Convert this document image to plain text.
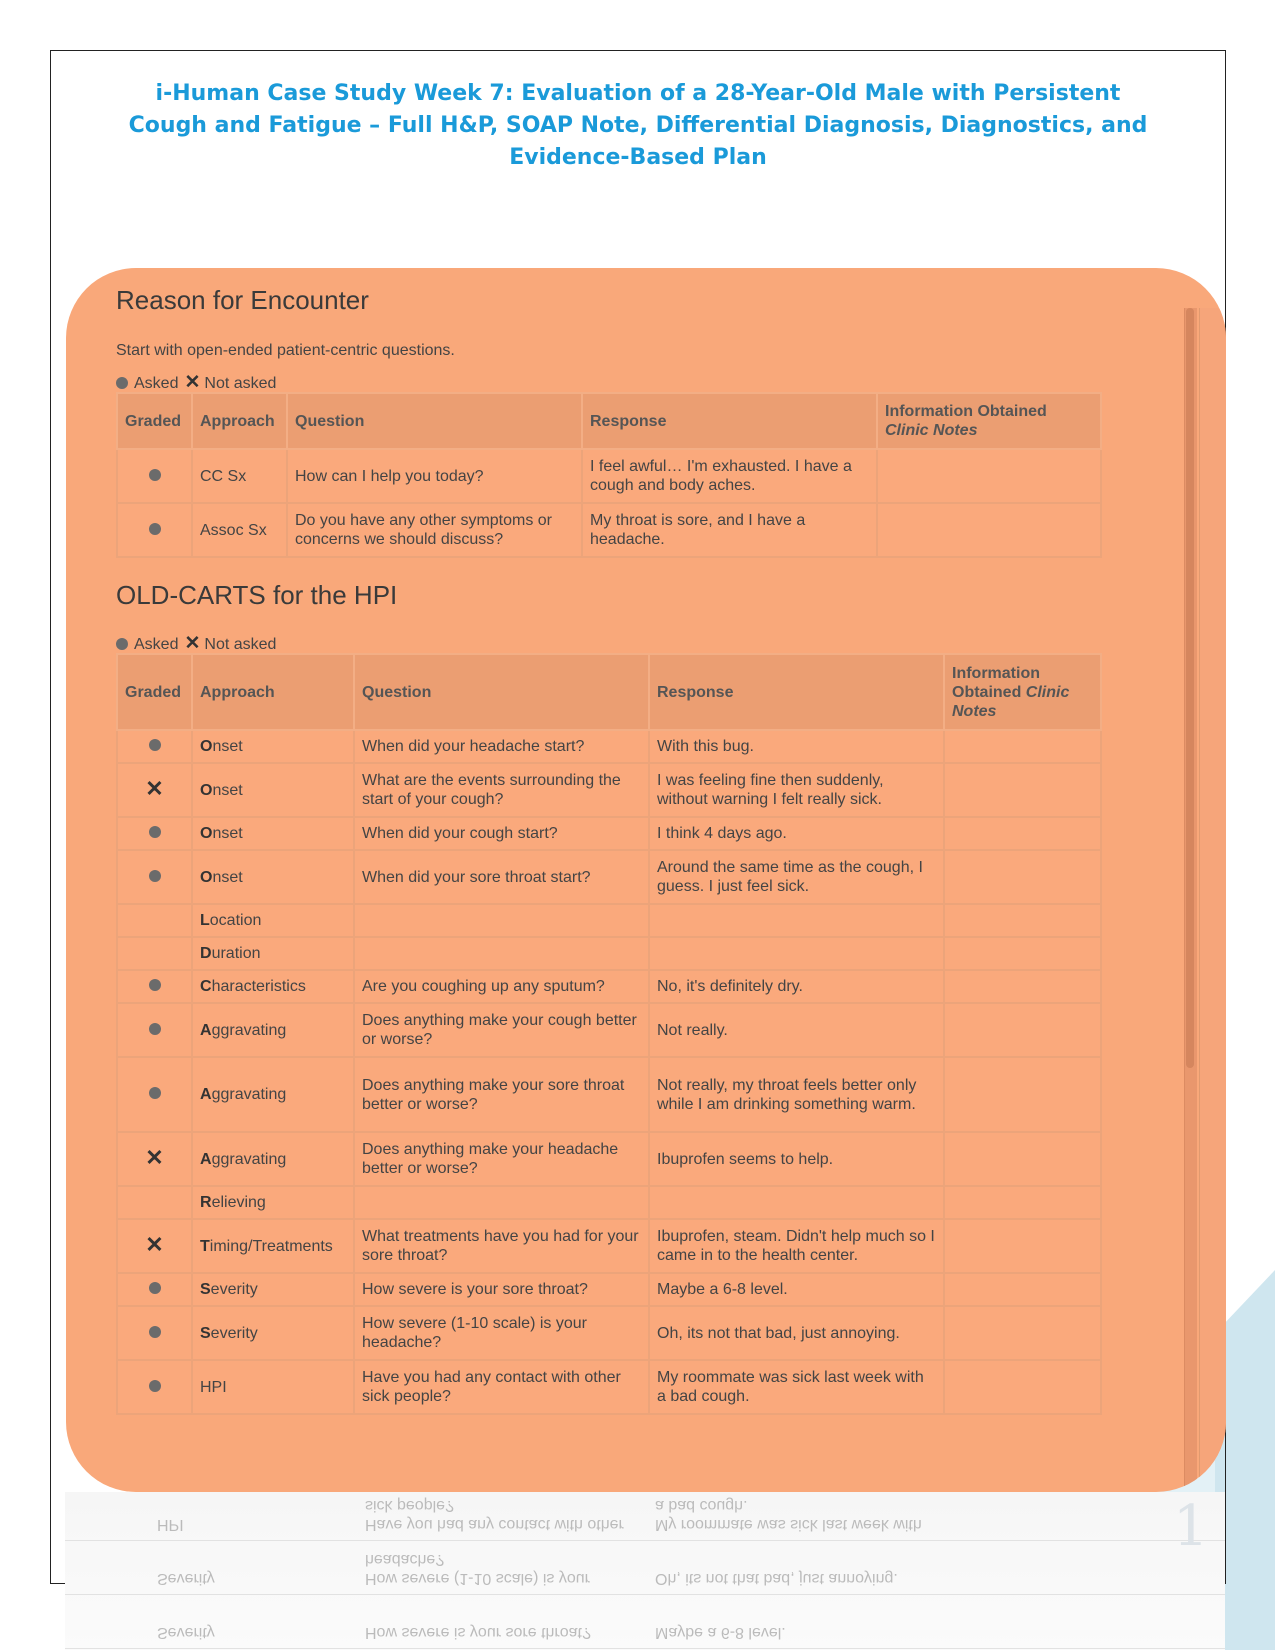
i-Human Case Study Week 7: Evaluation of a 28-Year-Old Male with Persistent Cough and Fatigue – Full H&P, SOAP Note, Differential Diagnosis, Diagnostics, and Evidence-Based Plan
Reason for Encounter

Start with open-ended patient-centric questions.

Asked ✕ Not asked
Graded	Approach	Question	Response	Information Obtained
Clinic Notes
	CC Sx	How can I help you today?	I feel awful… I'm exhausted. I have a cough and body aches.	
	Assoc Sx	Do you have any other symptoms or concerns we should discuss?	My throat is sore, and I have a headache.	
OLD-CARTS for the HPI
Asked ✕ Not asked
Graded	Approach	Question	Response	Information Obtained Clinic Notes
	Onset	When did your headache start?	With this bug.	
✕	Onset	What are the events surrounding the start of your cough?	I was feeling fine then suddenly, without warning I felt really sick.	
	Onset	When did your cough start?	I think 4 days ago.	
	Onset	When did your sore throat start?	Around the same time as the cough, I guess. I just feel sick.	
	Location			
	Duration			
	Characteristics	Are you coughing up any sputum?	No, it's definitely dry.	
	Aggravating	Does anything make your cough better or worse?	Not really.	
	Aggravating	Does anything make your sore throat better or worse?	Not really, my throat feels better only while I am drinking something warm.	
✕	Aggravating	Does anything make your headache better or worse?	Ibuprofen seems to help.	
	Relieving			
✕	Timing/Treatments	What treatments have you had for your sore throat?	Ibuprofen, steam. Didn't help much so I came in to the health center.	
	Severity	How severe is your sore throat?	Maybe a 6-8 level.	
	Severity	How severe (1-10 scale) is your headache?	Oh, its not that bad, just annoying.	
	HPI	Have you had any contact with other sick people?	My roommate was sick last week with a bad cough.	
HPI	Have you had any contact with other sick people?
My roommate was sick last week with a bad cough.
Severity	How severe (1-10 scale) is your headache?
Oh, its not that bad, just annoying.
Severity	How severe is your sore throat?	Maybe a 6-8 level.

1
